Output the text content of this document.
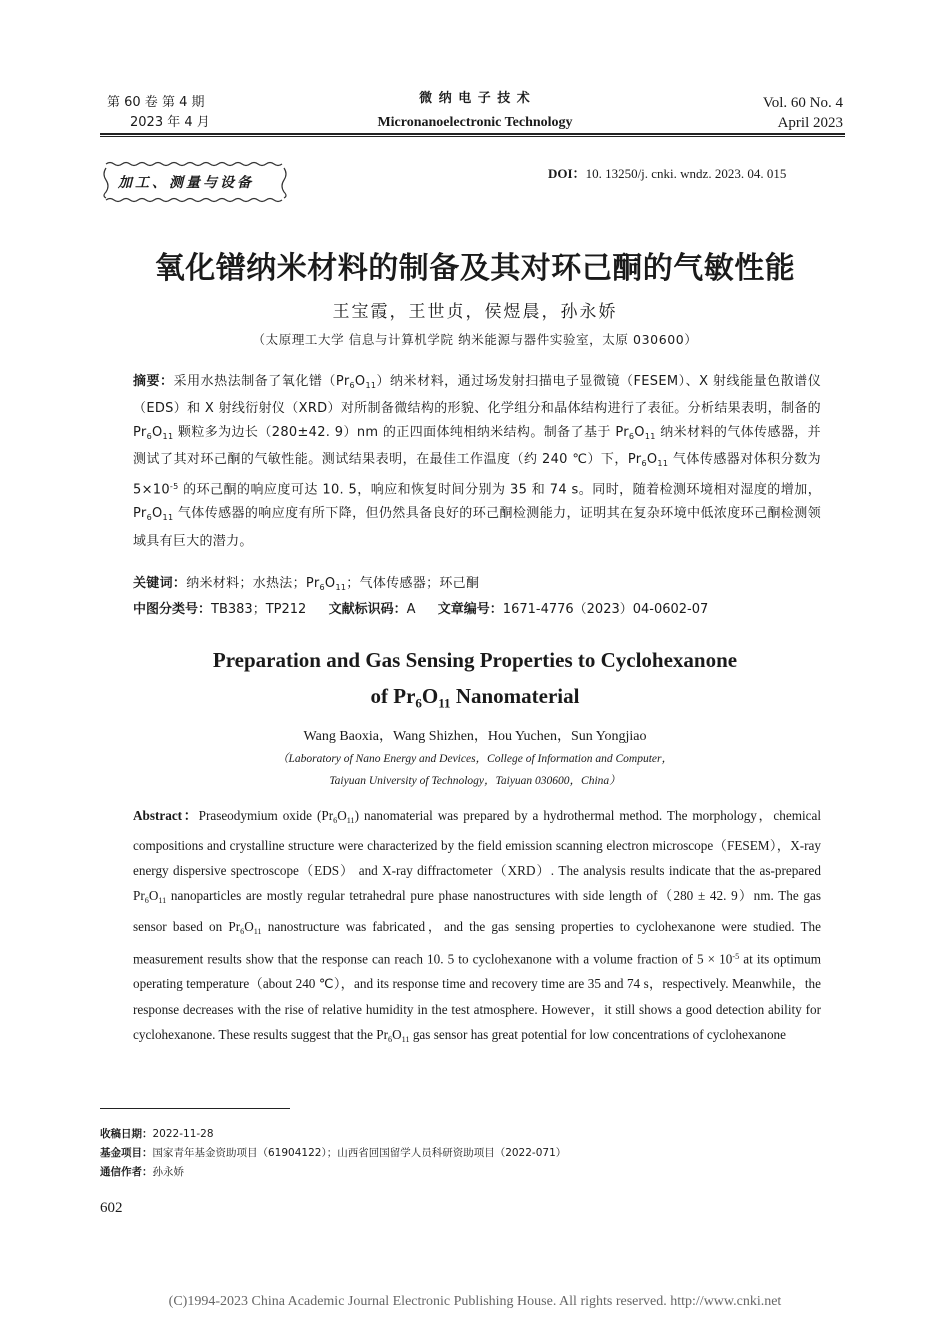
第 60 卷 第 4 期
2023 年 4 月
微 纳 电 子 技 术
Micronanoelectronic Technology
Vol. 60 No. 4
April 2023
加工、测量与设备
DOI：10. 13250/j. cnki. wndz. 2023. 04. 015
氧化镨纳米材料的制备及其对环己酮的气敏性能
王宝霞，王世贞，侯煜晨，孙永娇
（太原理工大学 信息与计算机学院 纳米能源与器件实验室，太原 030600）
摘要：采用水热法制备了氧化镨$(Pr_6O_{11})$纳米材料，通过场发射扫描电子显微镜（FESEM）、X 射线能量色散谱仪（EDS）和 X 射线衍射仪（XRD）对所制备微结构的形貌、化学组分和晶体结构进行了表征。分析结果表明，制备的 $Pr_6O_{11}$ 颗粒多为边长（280±42. 9）nm 的正四面体纯相纳米结构。制备了基于 $Pr_6O_{11}$ 纳米材料的气体传感器，并测试了其对环己酮的气敏性能。测试结果表明，在最佳工作温度（约 240 ℃）下，$Pr_6O_{11}$ 气体传感器对体积分数为 $5\times 10^{-5}$ 的环己酮的响应度可达 10. 5，响应和恢复时间分别为 35 和 74 s。同时，随着检测环境相对湿度的增加，$Pr_6O_{11}$ 气体传感器的响应度有所下降，但仍然具备良好的环己酮检测能力，证明其在复杂环境中低浓度环己酮检测领域具有巨大的潜力。
关键词：纳米材料；水热法；$Pr_6O_{11}$；气体传感器；环己酮
中图分类号：TB383；TP212 文献标识码：A 文章编号：1671-4776（2023）04-0602-07
Preparation and Gas Sensing Properties to Cyclohexanone
of $Pr_6O_{11}$ Nanomaterial
Wang Baoxia，Wang Shizhen，Hou Yuchen，Sun Yongjiao
（Laboratory of Nano Energy and Devices，College of Information and Computer，
Taiyuan University of Technology，Taiyuan 030600，China）
Abstract：Praseodymium oxide $(Pr_6O_{11})$ nanomaterial was prepared by a hydrothermal method. The morphology，chemical compositions and crystalline structure were characterized by the field emission scanning electron microscope（FESEM），X-ray energy dispersive spectroscope（EDS） and X-ray diffractometer（XRD）. The analysis results indicate that the as-prepared $Pr_6O_{11}$ nanoparticles are mostly regular tetrahedral pure phase nanostructures with side length of（280 ± 42. 9）nm. The gas sensor based on $Pr_6O_{11}$ nanostructure was fabricated，and the gas sensing properties to cyclohexanone were studied. The measurement results show that the response can reach 10. 5 to cyclohexanone with a volume fraction of $5 \times 10^{-5}$ at its optimum operating temperature（about 240 ℃），and its response time and recovery time are 35 and 74 s，respectively. Meanwhile，the response decreases with the rise of relative humidity in the test atmosphere. However，it still shows a good detection ability for cyclohexanone. These results suggest that the $Pr_6O_{11}$ gas sensor has great potential for low concentrations of cyclohexanone
收稿日期：2022-11-28
基金项目：国家青年基金资助项目（61904122）；山西省回国留学人员科研资助项目（2022-071）
通信作者：孙永娇
602
(C)1994-2023 China Academic Journal Electronic Publishing House. All rights reserved. http://www.cnki.net
